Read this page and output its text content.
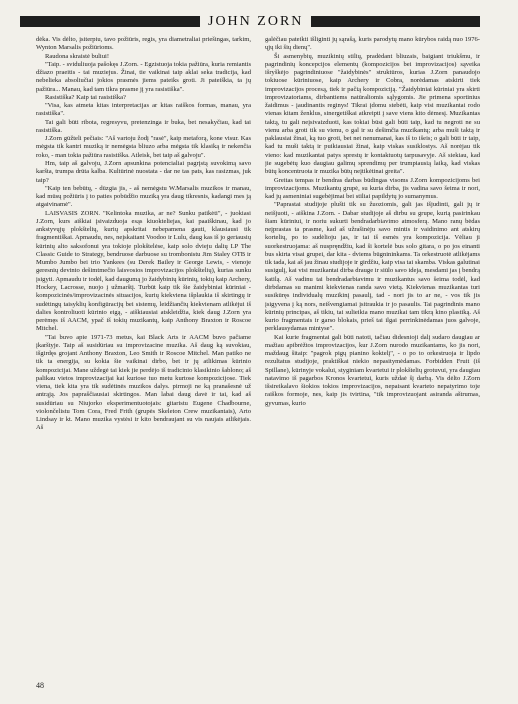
JOHN ZORN

dėka. Vis dėlto, įsiterpiu, tavo požiūris, regis, yra diametraliai priešingas, tarkim, Wynton Marsalis požiūrioms.

Raudona skraistė buliui!

"Taip. - sviduliuoja pašokęs J.Zorn. - Egzistuoja tokia pažiūra, kuria remiantis džiazo praeitis - tai muziejus. Žinai, tie vaikinai taip aklai seka tradicija, kad nebelieka absoliučiai jokios prasmės jiems pateiks groti. Ji pateiškia, ta jų pažiūra... Manau, kad tam tikra prasme jį yra rasistiška".

Rasistiška? Kaip tai rasistiška?

"Visa, kas atmeta kitas interpretacijas ar kitas raiškos formas, manau, yra rasistiška".

Tai gali būti ribota, regresyvu, pretenzinga ir buka, bet nesakyčiau, kad tai rasistiška.

J.Zorn gūžteli pečiais: "Aš vartoju žodį "rasė", kaip metaforą, kone visur. Kas mėgsta tik kantri muziką ir nemėgsta bliuzo arba mėgsta tik klasiką ir nekenčia roko, - man tokia pažiūra rasistiška. Atleisk, bet taip aš galvoju".

Hm, taip aš galvoju, J.Zorn apsunkina potencialiai pagrįstą suvokimą savo karšta, trumpa drūta kalba. Kultūrinė nuostata - dar ne tas pats, kas rasizmas, juk taip?

"Kaip ten bebūtų, - dūzgia jis, - aš nemėgstu W.Marsalis muzikos ir manau, kad mūsų požiūris į to paties pobūdžio muziką yra daug tikresnis, kadangi mes ją atgaivinamė".

LAISVASIS ZORN. "Kelintoka muzika, ar ne? Sunku patikėti", - juokiasi J.Zorn, kurs aiškiai įsivaizduoja esąs kiuokteliejas, kai paaiškinau, kad jo ankstyvųjų plokštelių, kurių apskritai nebepamena gauti, klausiausi tik fragmentiškai. Apmaudu, nes, neįskaitant Voodoo ir Lulu, daug kas iš jo geriausių kūrinių alto saksofonui yra tokioje plokštelėse, kaip solo dvieju dalių LP The Classic Guide to Strategy, bendruose darbuose su trombonistu Jim Staley OTB ir Mumbo Jumbo bei trio Yankees (su Derek Bailey ir George Lewis, - vienoje geresnių devinto dešimtmečio laisvosios improvizacijos plokštelių), kurias sunku įsigyti. Apmaudu ir todėl, kad daugumą jo žaidybinių kūrinių, tokių kaip Archery, Hockey, Lacrosse, nuojo į užmarštį. Turbūt kaip tik šie žaidybiniai kūriniai - kompozicinės/improvizacinės situacijos, kurių kiekviena išplaukia iš skirtingų ir sudėtingų taisyklių konfigūracijų bei sistemų, leidžiančių kiekvienam atlikėjui iš dalies kontroliuoti kūrinio eigą, - aiškiausiai atskleidžia, kiek daug J.Zorn yra perėmęs iš AACM, ypač iš tokių muzikantų, kaip Anthony Braxton ir Roscoe Mitchel.

"Tai buvo apie 1971-73 metus, kai Black Arts ir AACM buvo pačiame įkarštyje. Taip aš susidūriau su improvizacine muzika. Aš daug ką suvokiau, išgirdęs grojant Anthony Braxton, Leo Smith ir Roscoe Mitchel. Man patiko ne tik ta energija, su kokia šie vaikinai dirbo, bet ir jų atlikimas kūrinio kompozicijai. Mane uždegė tai kiek jie perdėjo iš tradicinio klasikinio šablono; aš palikau vietos improvizacijai kai kuriose tuo metu kurtose kompozicijose. Tiek viena, tiek kita yra tik sudėtinės muzikos dalys. pirmoji ne ką pranašesnė už antrąją. Jos papraščiausiai skirtingos. Man labai daug davė ir tai, kad aš susidūriau su Niujorko eksperimentuotojais: gitaristu Eugene Chadbourne, violončelistu Tom Cora, Fred Frith (grupės Skeleton Crew muzikantais), Arto Lindsay ir kt. Mano muzika vystėsi ir kito bendraujant su vis naujais atlikėjais. Aš

galėčiau pateikti išliginti jų sąrašą, kuris parodytų mano kūrybos raidą nuo 1976-ųjų iki šių dienų".

Ši asmenybių, muzikinių stilių, pradėdant bliuzais, baigiant triukšmu, ir pagrindinių koncepcijos elementų (kompozicijos bei improvizacijos) sąveika išryškėjo pagrindiniuose "žaidybinės" struktūros, kurias J.Zorn panaudojo tokiuose kūriniuose, kaip Archery ir Cobra, norėdamas atskirti tiek improvizacijos procesą, tiek ir pačią kompoziciją. "Žaidybiniai kūriniai yra skirti improvizatoriams, dirbantiems natūraliomis sąlygomis. Jie primena sportinius žaidimus - įaudinantis reginys! Tikrai įdomu stebėti, kaip visi muzikantai rodo vienas kitam ženklus, sinergetiškai atkreipti į save viens kito dėmesį. Muzikantas taktą, tu gali neįsivaizduoti, kas tokiai būsi gali būti taip, kad tu negroti ne su vienu arba groti tik su vienu, o gal ir su dešimčia muzikantų; arba muši taktą ir paklausiai žinai, ką tuo groti, bet net nenumanai, kas iš to išeis; o gali būti ir taip, kad tu muši taktą ir puikiausiai žinai, kaip viskas susiklostys. Aš norėjau tik vieno: kad muzikantai patys sprestų ir kontaktuotų tarpusavyje. Aš siekiau, kad jie sugebėtų kuo daugiau galimų sprendimų per trumpiausią laiką, kad viskas būtų koncentruota ir muzika būtų neįtikėtinai greita".

Greitas tempas ir bendras darbas būdingas visoms J.Zorn kompozicijoms bei improvizacijoms. Muzikantų grupė, su kuria dirba, jis vadina savo šeima ir nori, kad jų asmeniniai sugebėjimai bei stiliai papildytų jo sumanymus.

"Paprastai studijoje plušti tik su žuoziomis, gali jas išjudinti, gali jų ir neišjuoti, - aiškina J.Zorn. - Dabar studijoje aš dirbu su grupe, kurią pasirinkau šiam kūriniui, ir noriu sukurti bendradarbiavimo atmosferą. Mano ranų bėdas neįprastas ta prasme, kad aš užrašinėju savo mintis ir vaidinimo ant atskirų kortelių, po to sudėlioju jas, ir tai iš esmės yra kompozicija. Vėliau ji suorkestruojama: aš nuspręndžiu, kad ši kortelė bus solo gitara, o po jos einanti bus skirta visai grupei, dar kita - dviems būgnininkams. Ta orkestruotė atlikėjams tik tada, kai aš jau žinau studijoje ir girdžiu, kaip visa tai skamba. Viskas galutinai susigulį, kai visi muzikantai dirba drauge ir siūlo savo ideja, mesdami jas į bendrą katilą. Aš vadinu tai bendradarbiavimu ir muzikantus savo šeima todėl, kad dirbdamas su manimi kiekvienas randa savo vietą. Kiekvienas muzikantas turi susikūręs individualų muzikinį pasaulį, tad - nori jis to ar ne, - vos tik jis įsigyvena į ką nors, neišvengiamai įsitraukia ir jo pasaulis. Tai pagrindinis mano kūrinių principas, aš tikiu, tai sulieikia mano muzikai tam tikrą kino plastiką. Aš kurio fragmentais ir garso blokais, prieš tai ilgai perrinkinėdamas juos galvoje, perklausydamas mintyse".

Kai kurie fragmentai gali būti natoti, tačiau didesnioji dalį sudaro daugiau ar mažiau apibrėžtos improvizacijos, kur J.Zorn nurodo muzikantams, ko jis nori, maždaug šitaip: "pagrok pigų pianino koktelį", - o po to orkestruoja ir lipdo rezultatus studijoje, praktiškai niekio nepasitymėdamas. Forbidden Fruit (iš Spillane), kūrinyje vokalui, styginiam kvartetui ir plokštelių grotuvui, yra daugiau natavimo iš pagarbos Kronos kvartetui, kuris uždaė šį darbą. Vis dėlto J.Zorn išsireikalavo šiokios tokios improvizacijos, nepaisant kvarteto nepatyrimo toje raiškos formoje, nes, kaip jis tvirtina, "tik improvizuojant asiranda aštrumas, gyvumas, kurio

48
